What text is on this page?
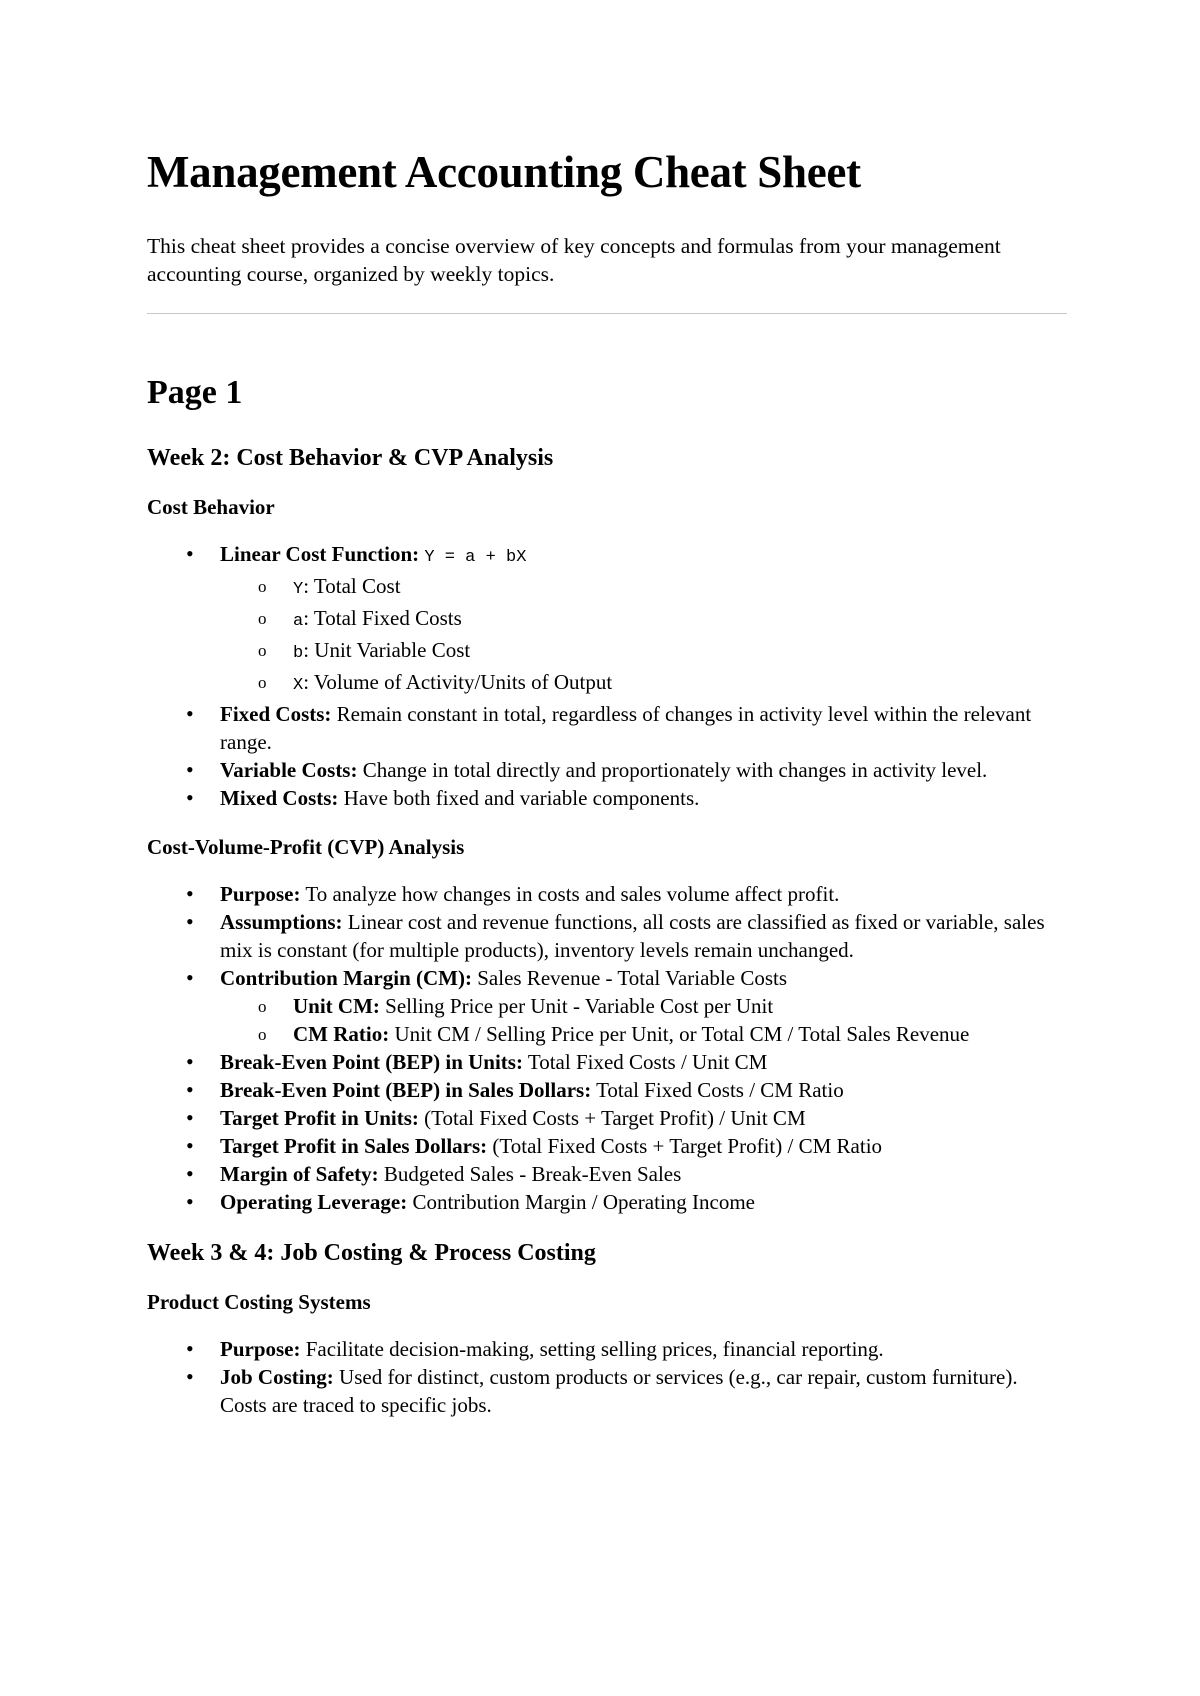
Management Accounting Cheat Sheet

This cheat sheet provides a concise overview of key concepts and formulas from your management accounting course, organized by weekly topics.

Page 1
Week 2: Cost Behavior & CVP Analysis
Cost Behavior
• Linear Cost Function: Y = a + bX
o Y: Total Cost
o a: Total Fixed Costs
o b: Unit Variable Cost
o X: Volume of Activity/Units of Output
• Fixed Costs: Remain constant in total, regardless of changes in activity level within the relevant range.
• Variable Costs: Change in total directly and proportionately with changes in activity level.
• Mixed Costs: Have both fixed and variable components.
Cost-Volume-Profit (CVP) Analysis
• Purpose: To analyze how changes in costs and sales volume affect profit.
• Assumptions: Linear cost and revenue functions, all costs are classified as fixed or variable, sales mix is constant (for multiple products), inventory levels remain unchanged.
• Contribution Margin (CM): Sales Revenue - Total Variable Costs
o Unit CM: Selling Price per Unit - Variable Cost per Unit
o CM Ratio: Unit CM / Selling Price per Unit, or Total CM / Total Sales Revenue
• Break-Even Point (BEP) in Units: Total Fixed Costs / Unit CM
• Break-Even Point (BEP) in Sales Dollars: Total Fixed Costs / CM Ratio
• Target Profit in Units: (Total Fixed Costs + Target Profit) / Unit CM
• Target Profit in Sales Dollars: (Total Fixed Costs + Target Profit) / CM Ratio
• Margin of Safety: Budgeted Sales - Break-Even Sales
• Operating Leverage: Contribution Margin / Operating Income
Week 3 & 4: Job Costing & Process Costing
Product Costing Systems
• Purpose: Facilitate decision-making, setting selling prices, financial reporting.
• Job Costing: Used for distinct, custom products or services (e.g., car repair, custom furniture). Costs are traced to specific jobs.
